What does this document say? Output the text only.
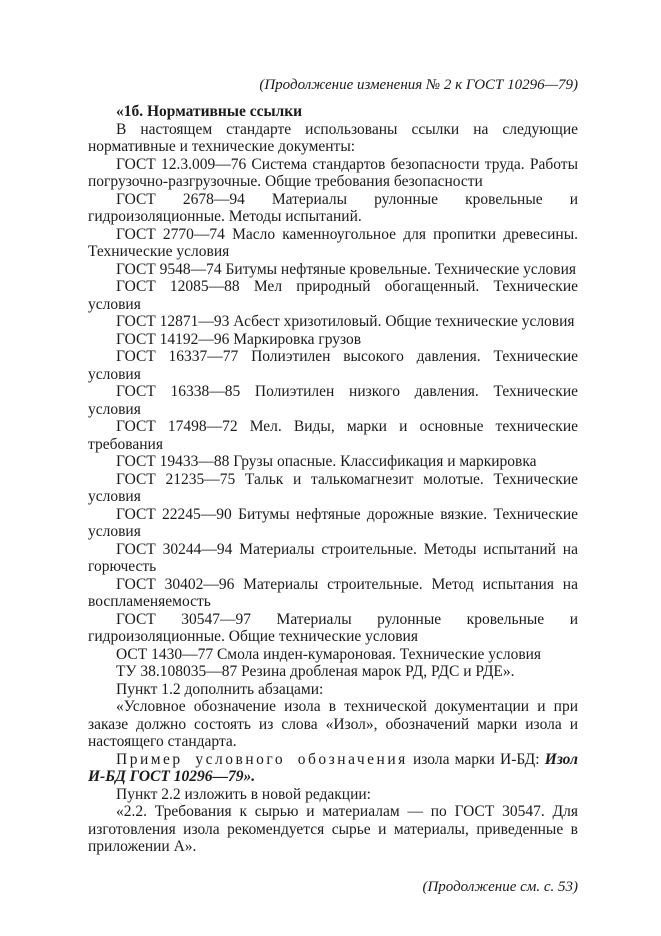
(Продолжение изменения № 2 к ГОСТ 10296—79)

«1б. Нормативные ссылки

В настоящем стандарте использованы ссылки на следующие нормативные и технические документы:

ГОСТ 12.3.009—76 Система стандартов безопасности труда. Работы погрузочно-разгрузочные. Общие требования безопасности

ГОСТ 2678—94 Материалы рулонные кровельные и гидроизоляционные. Методы испытаний.

ГОСТ 2770—74 Масло каменноугольное для пропитки древесины. Технические условия

ГОСТ 9548—74 Битумы нефтяные кровельные. Технические условия

ГОСТ 12085—88 Мел природный обогащенный. Технические условия

ГОСТ 12871—93 Асбест хризотиловый. Общие технические условия

ГОСТ 14192—96 Маркировка грузов

ГОСТ 16337—77 Полиэтилен высокого давления. Технические условия

ГОСТ 16338—85 Полиэтилен низкого давления. Технические условия

ГОСТ 17498—72 Мел. Виды, марки и основные технические требования

ГОСТ 19433—88 Грузы опасные. Классификация и маркировка

ГОСТ 21235—75 Тальк и талькомагнезит молотые. Технические условия

ГОСТ 22245—90 Битумы нефтяные дорожные вязкие. Технические условия

ГОСТ 30244—94 Материалы строительные. Методы испытаний на горючесть

ГОСТ 30402—96 Материалы строительные. Метод испытания на воспламеняемость

ГОСТ 30547—97 Материалы рулонные кровельные и гидроизоляционные. Общие технические условия

ОСТ 1430—77 Смола инден-кумароновая. Технические условия

ТУ 38.108035—87 Резина дробленая марок РД, РДС и РДЕ».

Пункт 1.2 дополнить абзацами:

«Условное обозначение изола в технической документации и при заказе должно состоять из слова «Изол», обозначений марки изола и настоящего стандарта.

Пример условного обозначения изола марки И-БД: Изол И-БД ГОСТ 10296—79».

Пункт 2.2 изложить в новой редакции:

«2.2. Требования к сырью и материалам — по ГОСТ 30547. Для изготовления изола рекомендуется сырье и материалы, приведенные в приложении А».

(Продолжение см. с. 53)
